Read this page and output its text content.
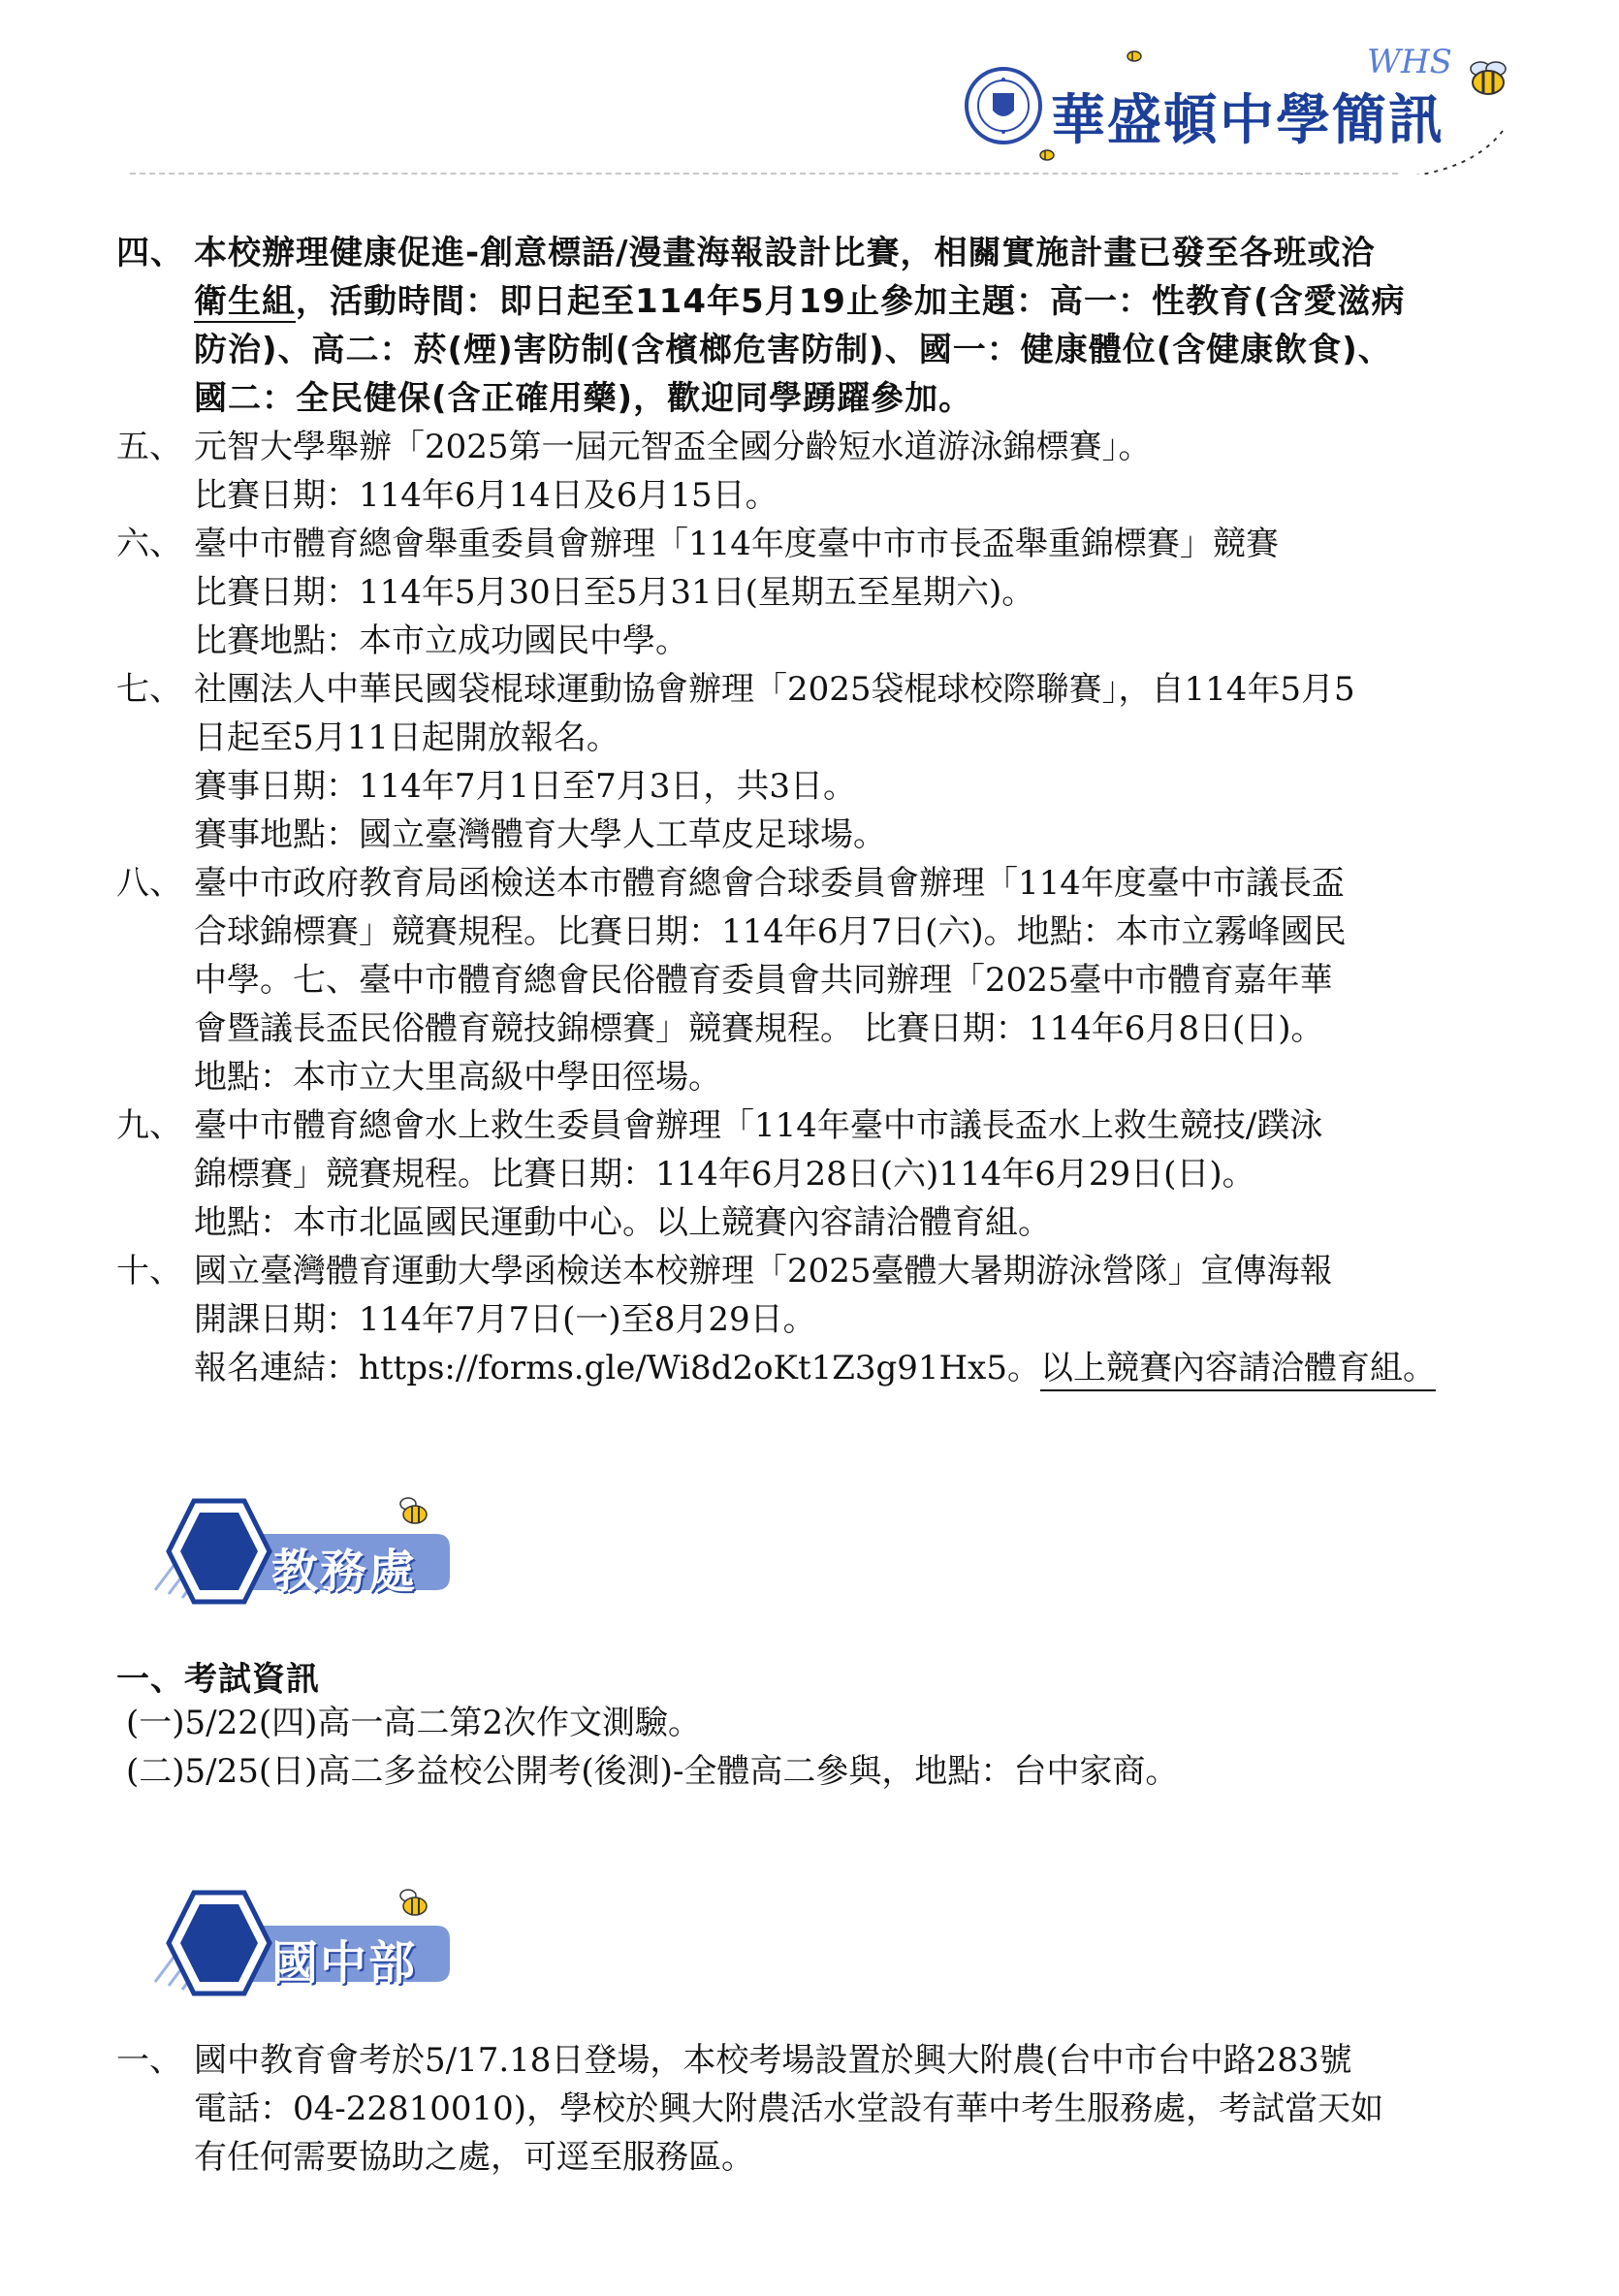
WHS
華盛頓中學簡訊
四、 本校辦理健康促進-創意標語/漫畫海報設計比賽，相關實施計畫已發至各班或洽
衛生組，活動時間：即日起至114年5月19止參加主題：高一：性教育(含愛滋病
防治)、高二：菸(煙)害防制(含檳榔危害防制)、國一：健康體位(含健康飲食)、
國二：全民健保(含正確用藥)，歡迎同學踴躍參加。
五、 元智大學舉辦「2025第一屆元智盃全國分齡短水道游泳錦標賽」。
比賽日期：114年6月14日及6月15日。
六、 臺中市體育總會舉重委員會辦理「114年度臺中市市長盃舉重錦標賽」競賽
比賽日期：114年5月30日至5月31日(星期五至星期六)。
比賽地點：本市立成功國民中學。
七、 社團法人中華民國袋棍球運動協會辦理「2025袋棍球校際聯賽」，自114年5月5
日起至5月11日起開放報名。
賽事日期：114年7月1日至7月3日，共3日。
賽事地點：國立臺灣體育大學人工草皮足球場。
八、 臺中市政府教育局函檢送本市體育總會合球委員會辦理「114年度臺中市議長盃
合球錦標賽」競賽規程。比賽日期：114年6月7日(六)。地點：本市立霧峰國民
中學。七、臺中市體育總會民俗體育委員會共同辦理「2025臺中市體育嘉年華
會暨議長盃民俗體育競技錦標賽」競賽規程。 比賽日期：114年6月8日(日)。
地點：本市立大里高級中學田徑場。
九、 臺中市體育總會水上救生委員會辦理「114年臺中市議長盃水上救生競技/蹼泳
錦標賽」競賽規程。比賽日期：114年6月28日(六)114年6月29日(日)。
地點：本市北區國民運動中心。以上競賽內容請洽體育組。
十、 國立臺灣體育運動大學函檢送本校辦理「2025臺體大暑期游泳營隊」宣傳海報
開課日期：114年7月7日(一)至8月29日。
報名連結：https://forms.gle/Wi8d2oKt1Z3g91Hx5。以上競賽內容請洽體育組。
教務處
一、考試資訊
(一)5/22(四)高一高二第2次作文測驗。
(二)5/25(日)高二多益校公開考(後測)-全體高二參與，地點：台中家商。
國中部
一、 國中教育會考於5/17.18日登場，本校考場設置於興大附農(台中市台中路283號
電話：04-22810010)，學校於興大附農活水堂設有華中考生服務處，考試當天如
有任何需要協助之處，可逕至服務區。
